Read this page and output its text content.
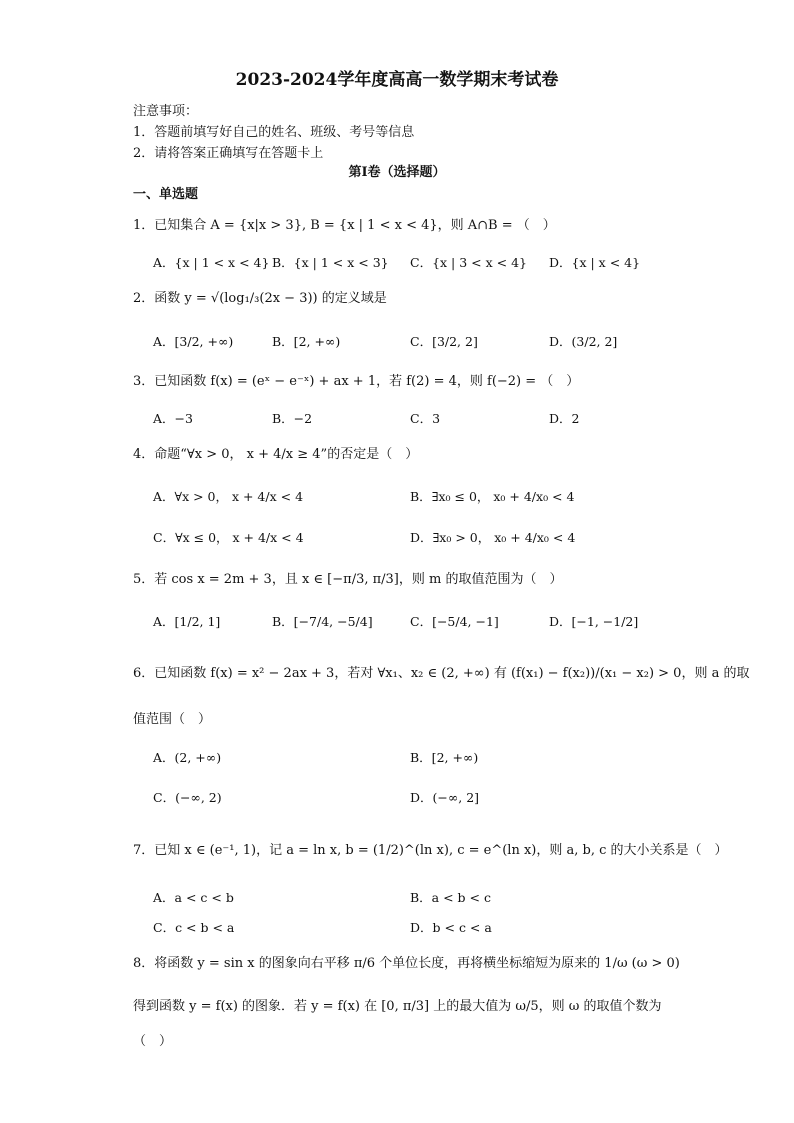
2023-2024学年度高高一数学期末考试卷
注意事项：
1．答题前填写好自己的姓名、班级、考号等信息
2．请将答案正确填写在答题卡上
第I卷（选择题）
一、单选题
1．已知集合 A = {x|x > 3}, B = {x | 1 < x < 4}，则 A∩B = （　）
A．{x | 1 < x < 4} B．{x | 1 < x < 3} C．{x | 3 < x < 4} D．{x | x < 4}
2．函数 y = √(log₁/₃(2x − 3)) 的定义域是
A．[3/2, +∞)	B．[2, +∞)	C．[3/2, 2]	D．(3/2, 2]
3．已知函数 f(x) = (eˣ − e⁻ˣ) + ax + 1，若 f(2) = 4，则 f(−2) = （　）
A．−3	B．−2	C．3	D．2
4．命题“∀x > 0， x + 4/x ≥ 4”的否定是（　）
A．∀x > 0， x + 4/x < 4	B．∃x₀ ≤ 0， x₀ + 4/x₀ < 4
C．∀x ≤ 0， x + 4/x < 4	D．∃x₀ > 0， x₀ + 4/x₀ < 4
5．若 cos x = 2m + 3，且 x ∈ [−π/3, π/3]，则 m 的取值范围为（　）
A．[1/2, 1]	B．[−7/4, −5/4]	C．[−5/4, −1]	D．[−1, −1/2]
6．已知函数 f(x) = x² − 2ax + 3，若对 ∀x₁、x₂ ∈ (2, +∞) 有 (f(x₁) − f(x₂))/(x₁ − x₂) > 0，则 a 的取
值范围（　）
A．(2, +∞)	B．[2, +∞)
C．(−∞, 2)	D．(−∞, 2]
7．已知 x ∈ (e⁻¹, 1)，记 a = ln x, b = (1/2)^(ln x), c = e^(ln x)，则 a, b, c 的大小关系是（　）
A．a < c < b	B．a < b < c
C．c < b < a	D．b < c < a
8．将函数 y = sin x 的图象向右平移 π/6 个单位长度，再将横坐标缩短为原来的 1/ω (ω > 0)
得到函数 y = f(x) 的图象．若 y = f(x) 在 [0, π/3] 上的最大值为 ω/5，则 ω 的取值个数为
（　）
